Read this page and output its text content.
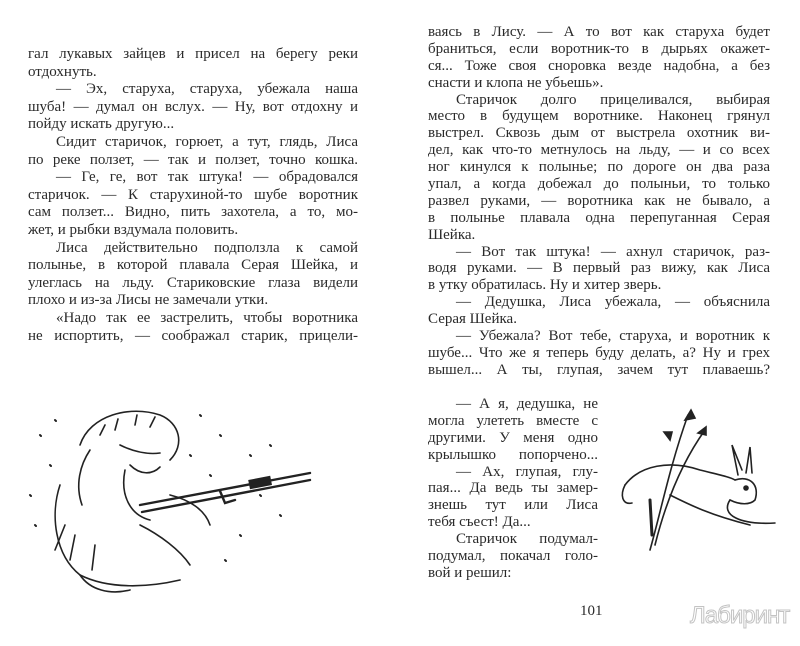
гал лукавых зайцев и присел на берегу реки
отдохнуть.
— Эх, старуха, старуха, убежала наша
шуба! — думал он вслух. — Ну, вот отдохну и
пойду искать другую...
Сидит старичок, горюет, а тут, глядь, Лиса
по реке ползет, — так и ползет, точно кошка.
— Ге, ге, вот так штука! — обрадовался
старичок. — К старухиной-то шубе воротник
сам ползет... Видно, пить захотела, а то, мо-
жет, и рыбки вздумала половить.
Лиса действительно подползла к самой
полынье, в которой плавала Серая Шейка, и
улеглась на льду. Стариковские глаза видели
плохо и из-за Лисы не замечали утки.
«Надо так ее застрелить, чтобы воротника
не испортить, — соображал старик, прицели-
ваясь в Лису. — А то вот как старуха будет
браниться, если воротник-то в дырьях окажет-
ся... Тоже своя сноровка везде надобна, а без
снасти и клопа не убьешь».
Старичок долго прицеливался, выбирая
место в будущем воротнике. Наконец грянул
выстрел. Сквозь дым от выстрела охотник ви-
дел, как что-то метнулось на льду, — и со всех
ног кинулся к полынье; по дороге он два раза
упал, а когда добежал до полыньи, то только
развел руками, — воротника как не бывало, а
в полынье плавала одна перепуганная Серая
Шейка.
— Вот так штука! — ахнул старичок, раз-
водя руками. — В первый раз вижу, как Лиса
в утку обратилась. Ну и хитер зверь.
— Дедушка, Лиса убежала, — объяснила
Серая Шейка.
— Убежала? Вот тебе, старуха, и воротник к
шубе... Что же я теперь буду делать, а? Ну и грех
вышел... А ты, глупая, зачем тут плаваешь?
— А я, дедушка, не
могла улететь вместе с
другими. У меня одно
крылышко попорчено...
— Ах, глупая, глу-
пая... Да ведь ты замер-
знешь тут или Лиса
тебя съест! Да...
Старичок подумал-
подумал, покачал голо-
вой и решил:
101	Лабиринт
